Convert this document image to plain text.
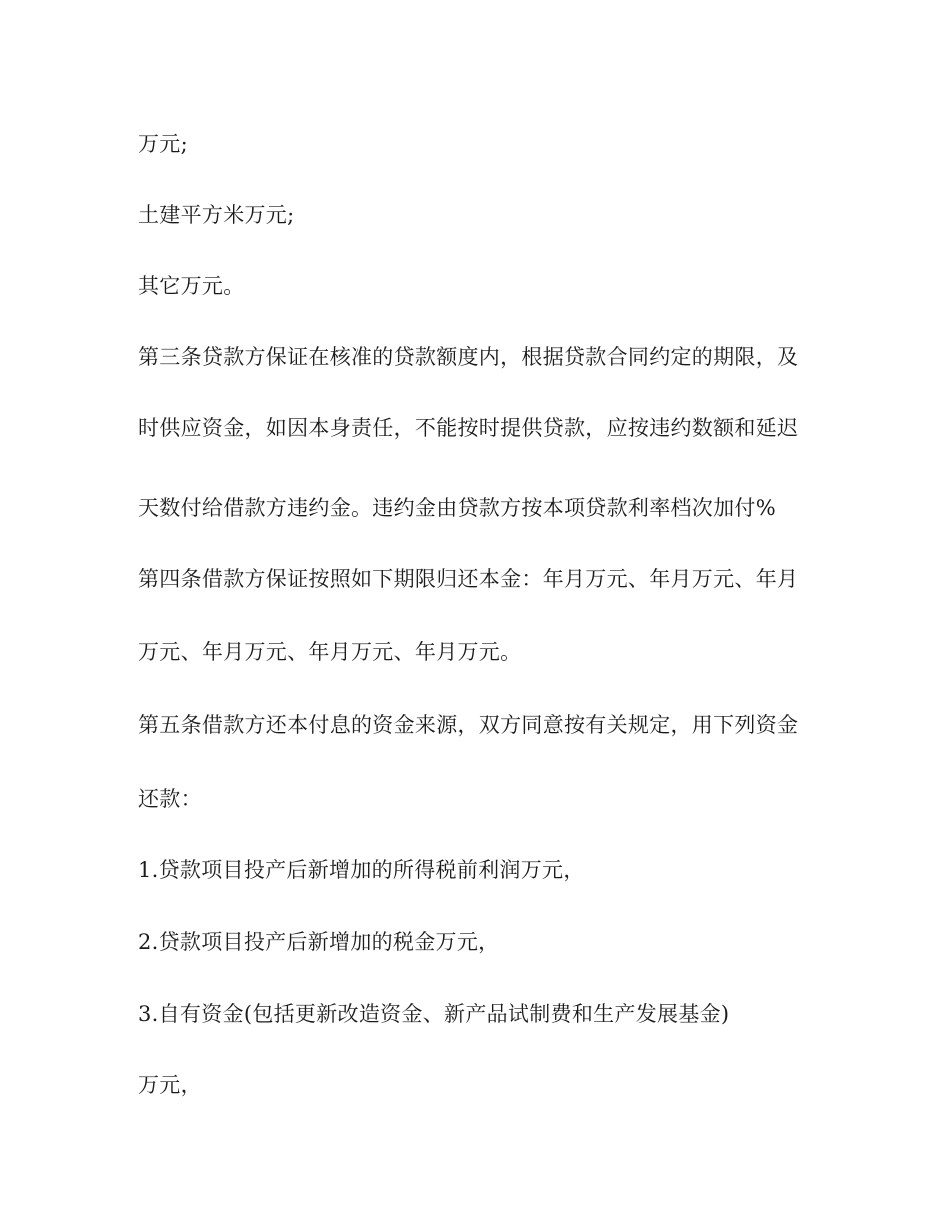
万元;

土建平方米万元;

其它万元。

第三条贷款方保证在核准的贷款额度内，根据贷款合同约定的期限，及

时供应资金，如因本身责任，不能按时提供贷款，应按违约数额和延迟

天数付给借款方违约金。违约金由贷款方按本项贷款利率档次加付%

第四条借款方保证按照如下期限归还本金：年月万元、年月万元、年月

万元、年月万元、年月万元、年月万元。

第五条借款方还本付息的资金来源，双方同意按有关规定，用下列资金

还款：

1.贷款项目投产后新增加的所得税前利润万元，

2.贷款项目投产后新增加的税金万元，

3.自有资金(包括更新改造资金、新产品试制费和生产发展基金)

万元，
